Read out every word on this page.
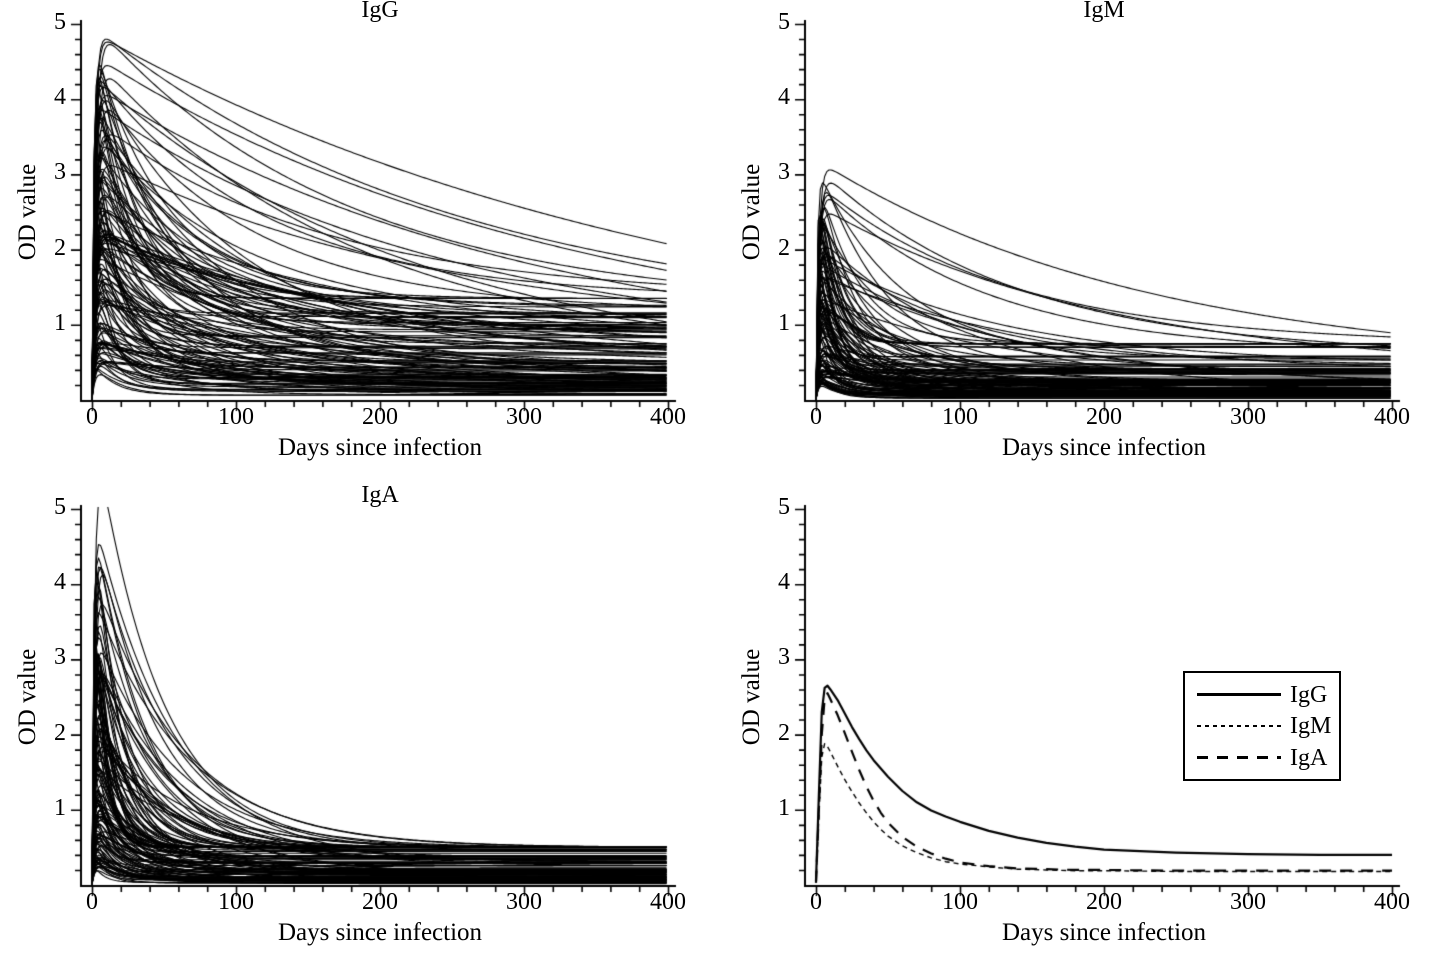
IgG
OD value
Days since infection
0	100	200	300	400
1
2
3
4
5	IgM
OD value
Days since infection
0	100	200	300	400
1
2
3
4
5
IgA
OD value
Days since infection
0	100	200	300	400
1
2
3
4
5
OD value
Days since infection
IgG
IgM
IgA
0	100	200	300	400
1
2
3
4
5
